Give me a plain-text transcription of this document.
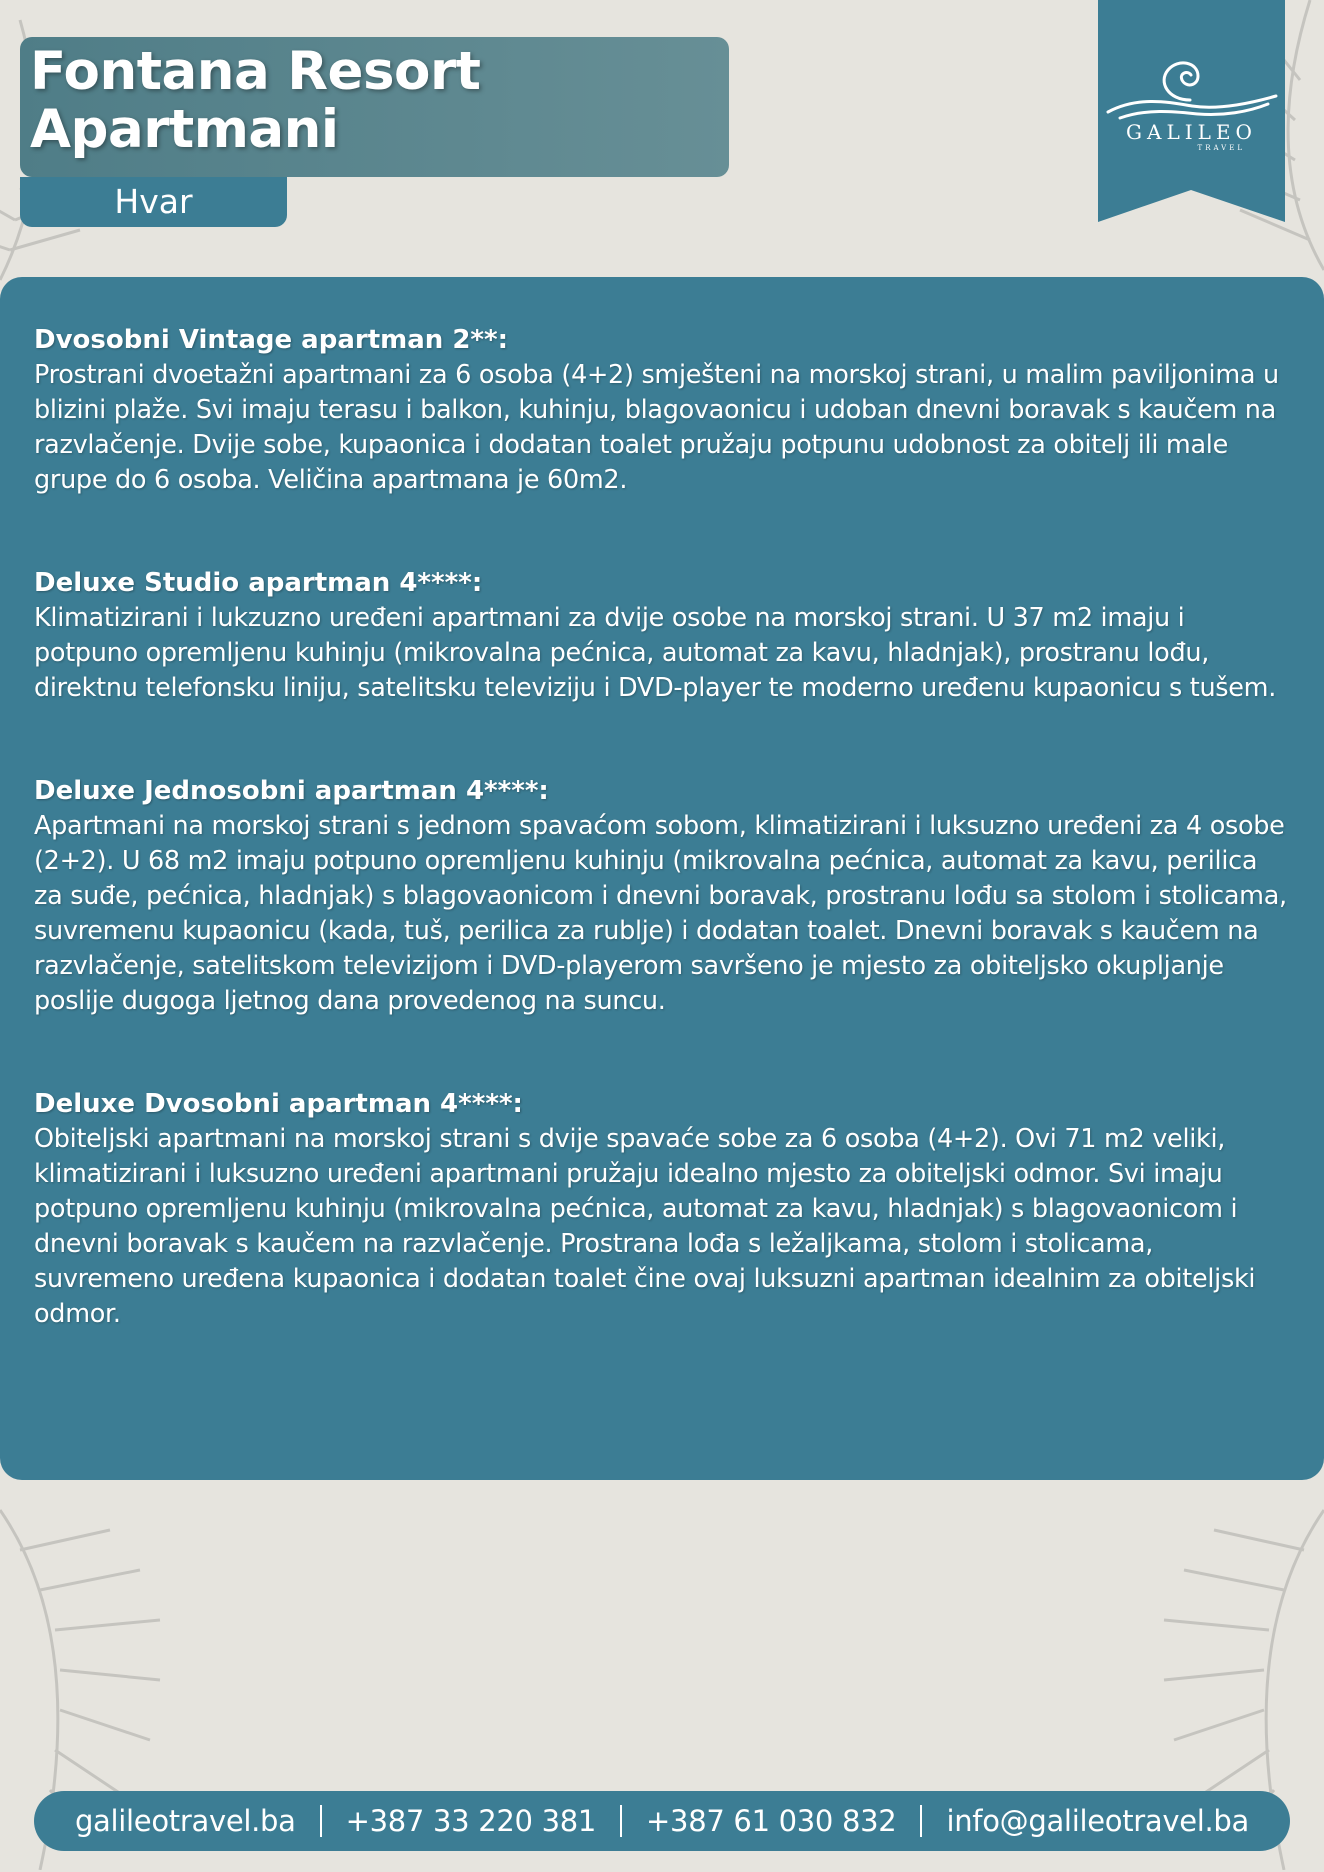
Fontana Resort
Apartmani
Hvar
GALILEO
TRAVEL
Dvosobni Vintage apartman 2**:
Prostrani dvoetažni apartmani za 6 osoba (4+2) smješteni na morskoj strani, u malim paviljonima u blizini plaže. Svi imaju terasu i balkon, kuhinju, blagovaonicu i udoban dnevni boravak s kaučem na razvlačenje. Dvije sobe, kupaonica i dodatan toalet pružaju potpunu udobnost za obitelj ili male grupe do 6 osoba. Veličina apartmana je 60m2.
Deluxe Studio apartman 4****:
Klimatizirani i lukzuzno uređeni apartmani za dvije osobe na morskoj strani. U 37 m2 imaju i potpuno opremljenu kuhinju (mikrovalna pećnica, automat za kavu, hladnjak), prostranu lođu, direktnu telefonsku liniju, satelitsku televiziju i DVD-player te moderno uređenu kupaonicu s tušem.
Deluxe Jednosobni apartman 4****:
Apartmani na morskoj strani s jednom spavaćom sobom, klimatizirani i luksuzno uređeni za 4 osobe (2+2). U 68 m2 imaju potpuno opremljenu kuhinju (mikrovalna pećnica, automat za kavu, perilica za suđe, pećnica, hladnjak) s blagovaonicom i dnevni boravak, prostranu lođu sa stolom i stolicama, suvremenu kupaonicu (kada, tuš, perilica za rublje) i dodatan toalet. Dnevni boravak s kaučem na razvlačenje, satelitskom televizijom i DVD-playerom savršeno je mjesto za obiteljsko okupljanje poslije dugoga ljetnog dana provedenog na suncu.
Deluxe Dvosobni apartman 4****:
Obiteljski apartmani na morskoj strani s dvije spavaće sobe za 6 osoba (4+2). Ovi 71 m2 veliki, klimatizirani i luksuzno uređeni apartmani pružaju idealno mjesto za obiteljski odmor. Svi imaju potpuno opremljenu kuhinju (mikrovalna pećnica, automat za kavu, hladnjak) s blagovaonicom i dnevni boravak s kaučem na razvlačenje. Prostrana lođa s ležaljkama, stolom i stolicama, suvremeno uređena kupaonica i dodatan toalet čine ovaj luksuzni apartman idealnim za obiteljski odmor.
galileotravel.ba	+387 33 220 381	+387 61 030 832	info@galileotravel.ba
